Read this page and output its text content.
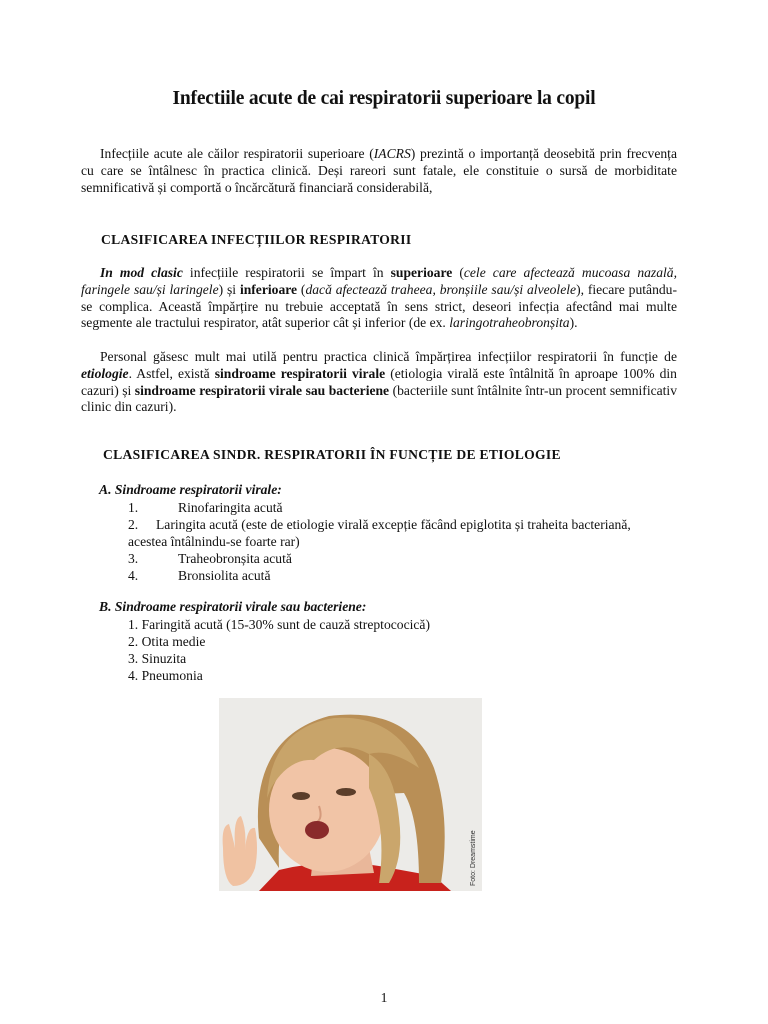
Infectiile acute de cai respiratorii superioare la copil

Infecțiile acute ale căilor respiratorii superioare (IACRS) prezintă o importanță deosebită prin frecvența cu care se întâlnesc în practica clinică. Deși rareori sunt fatale, ele constituie o sursă de morbiditate semnificativă și comportă o încărcătură financiară considerabilă,

CLASIFICAREA INFECȚIILOR RESPIRATORII

In mod clasic infecțiile respiratorii se împart în superioare (cele care afectează mucoasa nazală, faringele sau/și laringele) și inferioare (dacă afectează traheea, bronșiile sau/și alveolele), fiecare putându-se complica. Această împărțire nu trebuie acceptată în sens strict, deseori infecția afectând mai multe segmente ale tractului respirator, atât superior cât și inferior (de ex. laringotraheobronșita).

Personal găsesc mult mai utilă pentru practica clinică împărțirea infecțiilor respiratorii în funcție de etiologie. Astfel, există sindroame respiratorii virale (etiologia virală este întâlnită în aproape 100% din cazuri) și sindroame respiratorii virale sau bacteriene (bacteriile sunt întâlnite într-un procent semnificativ clinic din cazuri).

CLASIFICAREA SINDR. RESPIRATORII ÎN FUNCȚIE DE ETIOLOGIE

A. Sindroame respiratorii virale:

1.	Rinofaringita acută
2. Laringita acută (este de etiologie virală excepție făcând epiglotita și traheita bacteriană, acestea întâlnindu-se foarte rar)
3.	Traheobronșita acută
4.	Bronsiolita acută

B. Sindroame respiratorii virale sau bacteriene:

1. Faringită acută (15-30% sunt de cauză streptococică)
2. Otita medie
3. Sinuzita
4. Pneumonia
Foto: Dreamstime
1
